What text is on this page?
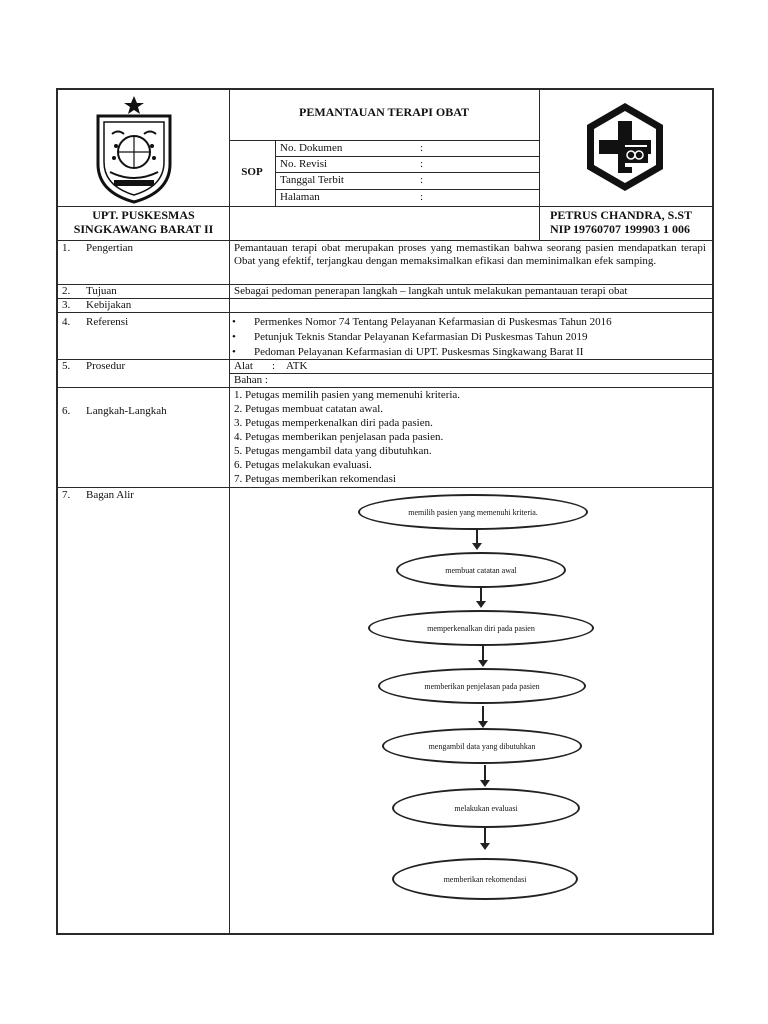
PEMANTAUAN TERAPI OBAT
SOP
No. Dokumen	:
No. Revisi	:
Tanggal Terbit	:
Halaman	:
UPT. PUSKESMAS
SINGKAWANG BARAT II
PETRUS CHANDRA, S.ST
NIP 19760707 199903 1 006
1. Pengertian	Pemantauan terapi obat merupakan proses yang memastikan bahwa seorang pasien mendapatkan terapi Obat yang efektif, terjangkau dengan memaksimalkan efikasi dan meminimalkan efek samping.
2. Tujuan	Sebagai pedoman penerapan langkah – langkah untuk melakukan pemantauan terapi obat
3. Kebijakan
4. Referensi
•	Permenkes Nomor 74 Tentang Pelayanan Kefarmasian di Puskesmas Tahun 2016
• Petunjuk Teknis Standar Pelayanan Kefarmasian Di Puskesmas Tahun 2019
• Pedoman Pelayanan Kefarmasian di UPT. Puskesmas Singkawang Barat II
5. Prosedur	Alat : ATK
Bahan :
6. Langkah-Langkah
1. Petugas memilih pasien yang memenuhi kriteria.
2. Petugas membuat catatan awal.
3. Petugas memperkenalkan diri pada pasien.
4. Petugas memberikan penjelasan pada pasien.
5. Petugas mengambil data yang dibutuhkan.
6. Petugas melakukan evaluasi.
7. Petugas memberikan rekomendasi
7. Bagan Alir
memilih pasien yang memenuhi kriteria.
membuat catatan awal
memperkenalkan diri pada pasien
memberikan penjelasan pada pasien
mengambil data yang dibutuhkan
melakukan evaluasi
memberikan rekomendasi
